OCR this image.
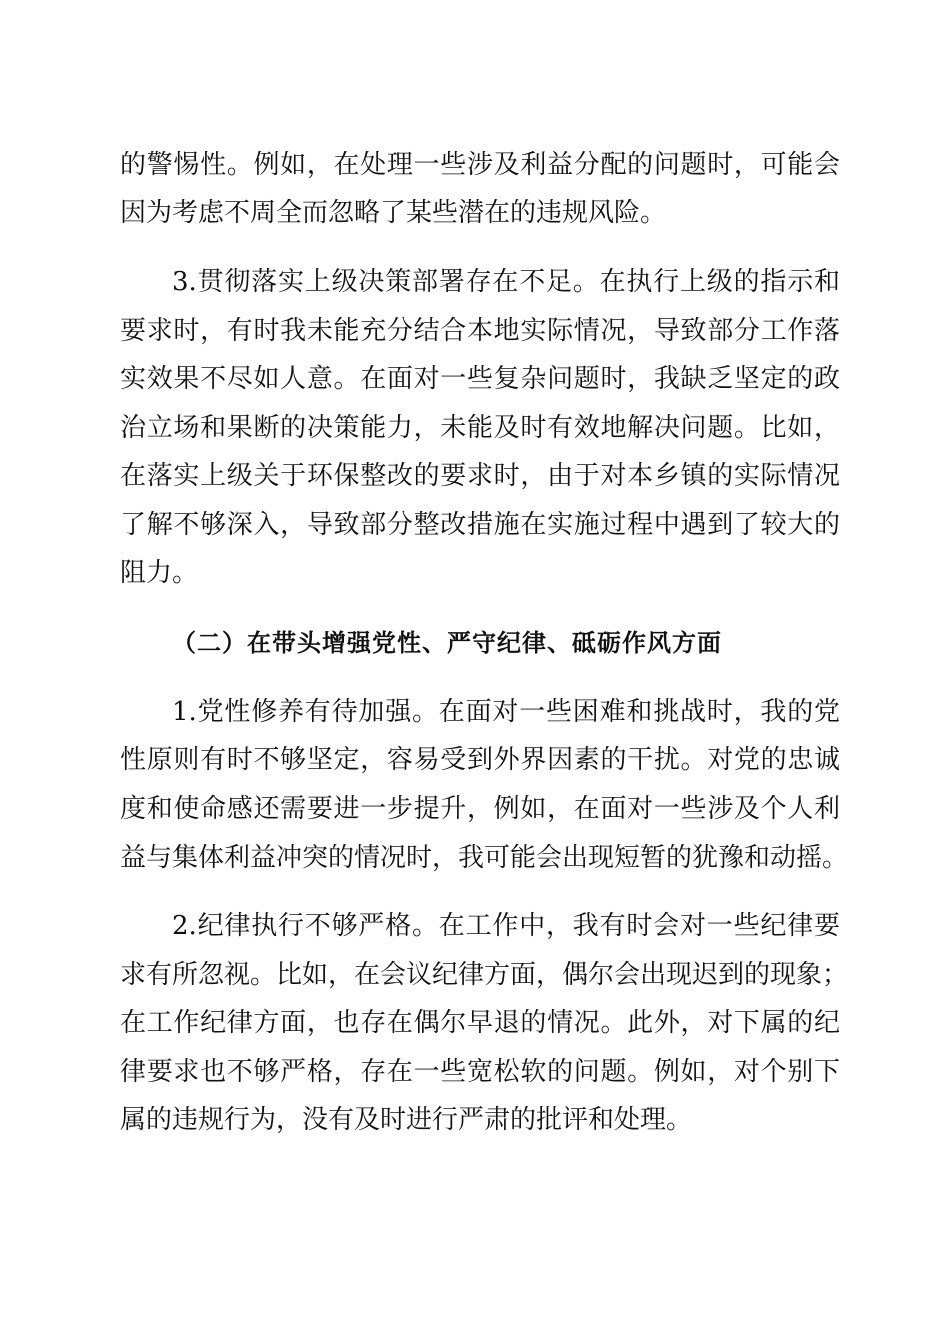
的警惕性。例如，在处理一些涉及利益分配的问题时，可能会
因为考虑不周全而忽略了某些潜在的违规风险。
3.贯彻落实上级决策部署存在不足。在执行上级的指示和
要求时，有时我未能充分结合本地实际情况，导致部分工作落
实效果不尽如人意。在面对一些复杂问题时，我缺乏坚定的政
治立场和果断的决策能力，未能及时有效地解决问题。比如，
在落实上级关于环保整改的要求时，由于对本乡镇的实际情况
了解不够深入，导致部分整改措施在实施过程中遇到了较大的
阻力。
（二）在带头增强党性、严守纪律、砥砺作风方面
1.党性修养有待加强。在面对一些困难和挑战时，我的党
性原则有时不够坚定，容易受到外界因素的干扰。对党的忠诚
度和使命感还需要进一步提升，例如，在面对一些涉及个人利
益与集体利益冲突的情况时，我可能会出现短暂的犹豫和动摇。
2.纪律执行不够严格。在工作中，我有时会对一些纪律要
求有所忽视。比如，在会议纪律方面，偶尔会出现迟到的现象；
在工作纪律方面，也存在偶尔早退的情况。此外，对下属的纪
律要求也不够严格，存在一些宽松软的问题。例如，对个别下
属的违规行为，没有及时进行严肃的批评和处理。
